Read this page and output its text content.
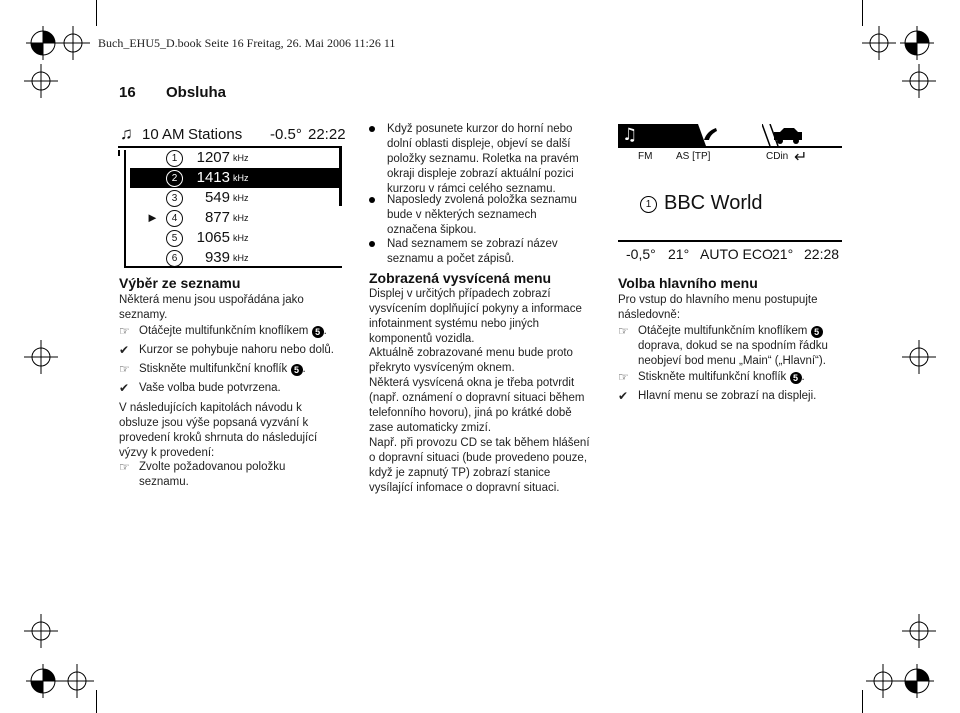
Buch_EHU5_D.book Seite 16 Freitag, 26. Mai 2006 11:26 11
16 Obsluha
♫ 10 AM Stations -0.5° 22:22
1	1207 kHz
2	1413 kHz
3	549 kHz
►	4	877 kHz
5	1065 kHz
6	939 kHz
Výběr ze seznamu
Některá menu jsou uspořádána jako
seznamy.
☞ Otáčejte multifunkčním knoflíkem 5 .
✔ Kurzor se pohybuje nahoru nebo dolů.
☞ Stiskněte multifunkční knoflík 5 .
✔ Vaše volba bude potvrzena.
V následujících kapitolách návodu k
obsluze jsou výše popsaná vyzvání k
provedení kroků shrnuta do následující
výzvy k provedení:
☞ Zvolte požadovanou položku
seznamu.
Když posunete kurzor do horní nebo
dolní oblasti displeje, objeví se další
položky seznamu. Roletka na pravém
okraji displeje zobrazí aktuální pozici
kurzoru v rámci celého seznamu.
Naposledy zvolená položka seznamu
bude v některých seznamech
označena šipkou.
Nad seznamem se zobrazí název
seznamu a počet zápisů.
Zobrazená vysvícená menu
Displej v určitých případech zobrazí
vysvícením doplňující pokyny a informace
infotainment systému nebo jiných
komponentů vozidla.
Aktuálně zobrazované menu bude proto
překryto vysvíceným oknem.
Některá vysvícená okna je třeba potvrdit
(např. oznámení o dopravní situaci během
telefonního hovoru), jiná po krátké době
zase automaticky zmizí.
Např. při provozu CD se tak během hlášení
o dopravní situaci (bude provedeno pouze,
když je zapnutý TP) zobrazí stanice
vysílající infomace o dopravní situaci.
♫
FM AS [TP]	CDin ↵
1 BBC World
-0,5° 21° AUTO ECO 21° 22:28
Volba hlavního menu
Pro vstup do hlavního menu postupujte
následovně:
☞ Otáčejte multifunkčním knoflíkem 5
doprava, dokud se na spodním řádku
neobjeví bod menu „Main“ („Hlavní“).
☞ Stiskněte multifunkční knoflík 5 .
✔ Hlavní menu se zobrazí na displeji.
